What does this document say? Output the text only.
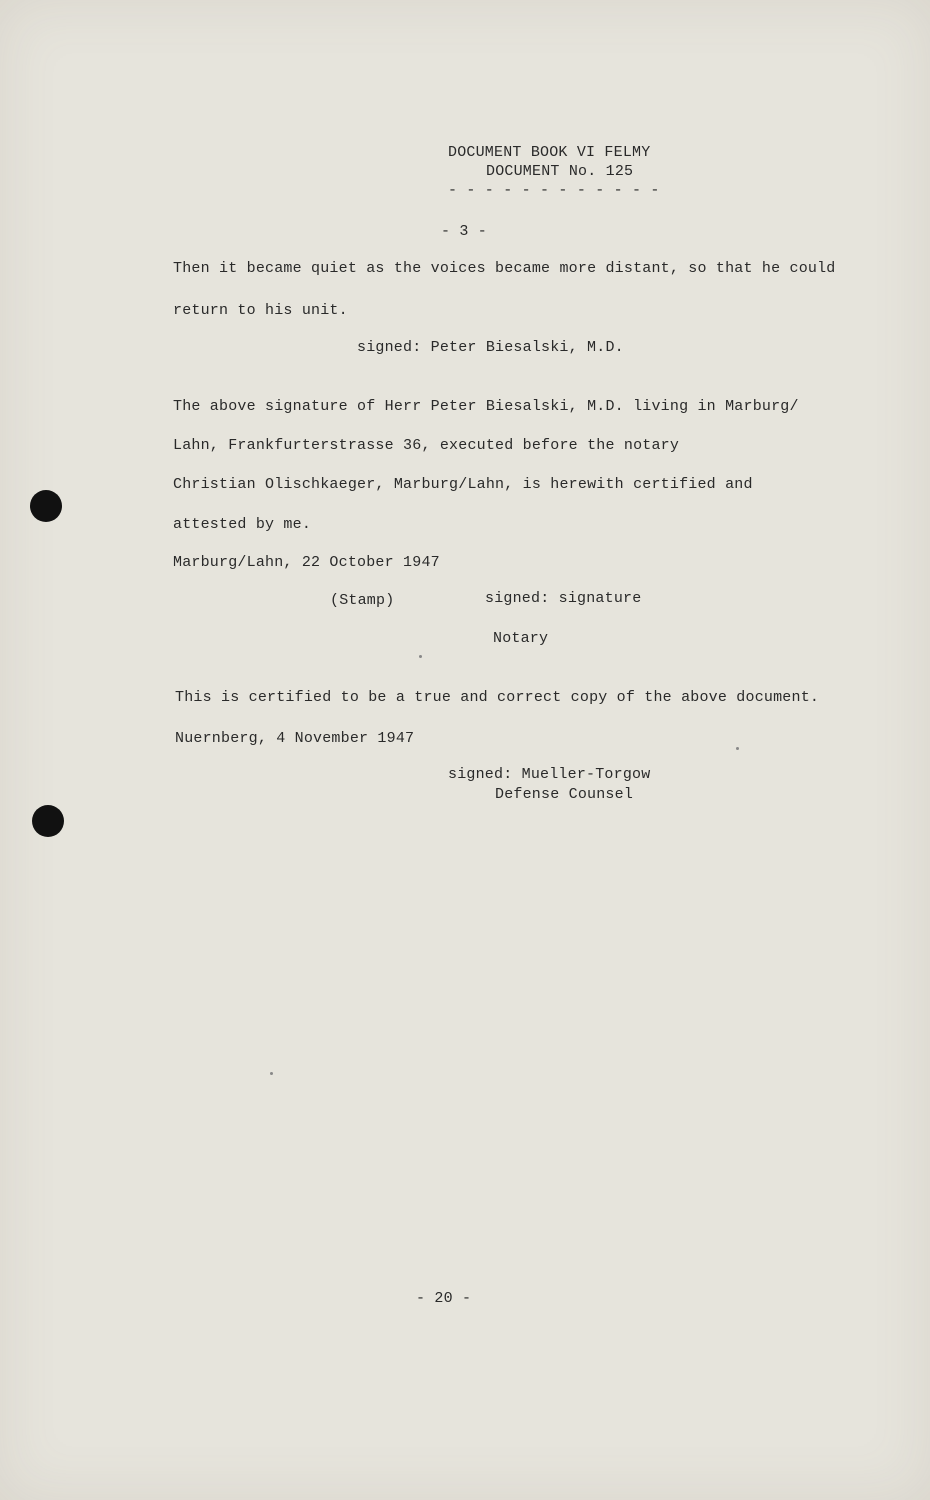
DOCUMENT BOOK VI FELMY
DOCUMENT No. 125
- - - - - - - - - - - -
- 3 -
Then it became quiet as the voices became more distant, so that he could
return to his unit.
signed: Peter Biesalski, M.D.
The above signature of Herr Peter Biesalski, M.D. living in Marburg/
Lahn, Frankfurterstrasse 36, executed before the notary
Christian Olischkaeger, Marburg/Lahn, is herewith certified and
attested by me.
Marburg/Lahn, 22 October 1947
(Stamp)	signed: signature
Notary
This is certified to be a true and correct copy of the above document.
Nuernberg, 4 November 1947
signed: Mueller-Torgow
Defense Counsel
- 20 -
